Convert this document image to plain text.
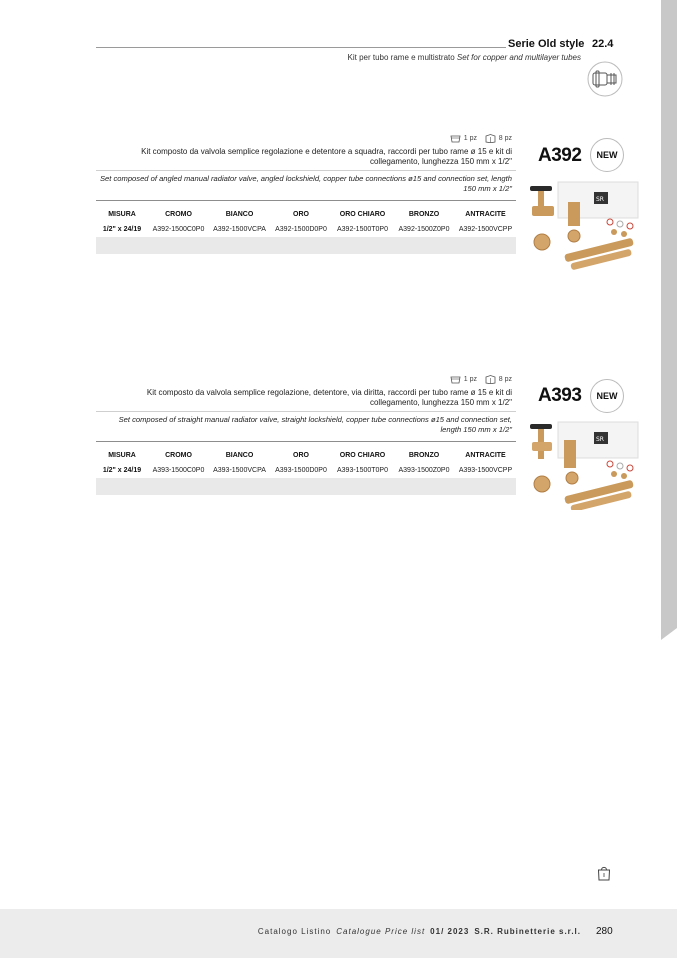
Serie Old style 22.4
Kit per tubo rame e multistrato Set for copper and multilayer tubes
1 pz	8 pz
Kit composto da valvola semplice regolazione e detentore a squadra, raccordi per tubo rame ø 15 e kit di collegamento, lunghezza 150 mm x 1/2"
Set composed of angled manual radiator valve, angled lockshield, copper tube connections ø15 and connection set, length 150 mm x 1/2"
MISURA	CROMO	BIANCO	ORO	ORO CHIARO	BRONZO	ANTRACITE
1/2" x 24/19	A392-1500C0P0	A392-1500VCPA	A392-1500D0P0	A392-1500T0P0	A392-1500Z0P0	A392-1500VCPP
A392	NEW
SR
1 pz	8 pz
Kit composto da valvola semplice regolazione, detentore, via diritta, raccordi per tubo rame ø 15 e kit di collegamento, lunghezza 150 mm x 1/2"
Set composed of straight manual radiator valve, straight lockshield, copper tube connections ø15 and connection set, length 150 mm x 1/2"
MISURA	CROMO	BIANCO	ORO	ORO CHIARO	BRONZO	ANTRACITE
1/2" x 24/19	A393-1500C0P0	A393-1500VCPA	A393-1500D0P0	A393-1500T0P0	A393-1500Z0P0	A393-1500VCPP
A393	NEW
SR
Catalogo Listino Catalogue Price list 01/ 2023 S.R. Rubinetterie s.r.l. 280
